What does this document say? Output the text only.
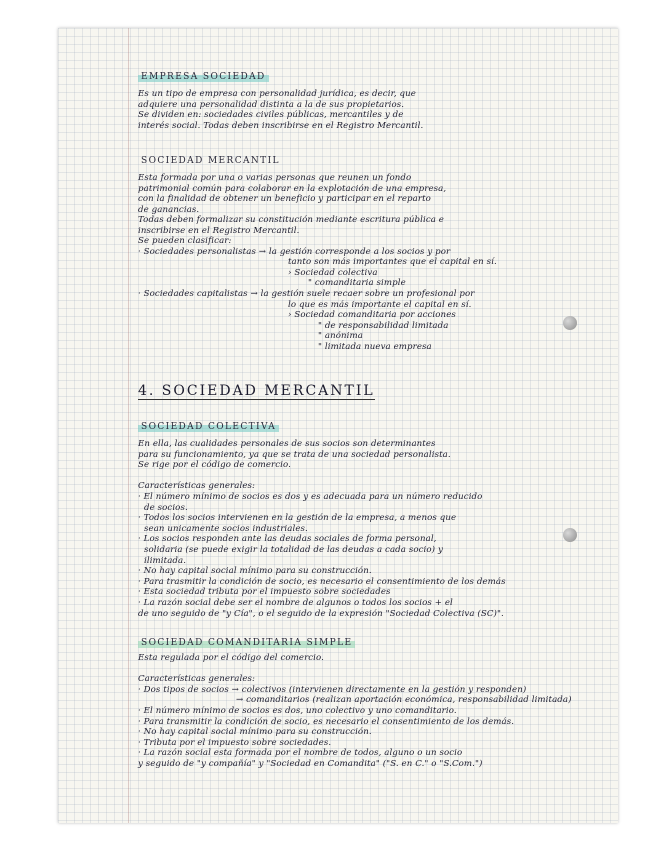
EMPRESA SOCIEDAD
Es un tipo de empresa con personalidad jurídica, es decir, que
adquiere una personalidad distinta a la de sus propietarios.
Se dividen en: sociedades civiles públicas, mercantiles y de
interés social. Todas deben inscribirse en el Registro Mercantil.
SOCIEDAD MERCANTIL
Esta formada por una o varias personas que reunen un fondo
patrimonial común para colaborar en la explotación de una empresa,
con la finalidad de obtener un beneficio y participar en el reparto
de ganancias.
Todas deben formalizar su constitución mediante escritura pública e
inscribirse en el Registro Mercantil.
Se pueden clasificar:
· Sociedades personalistas → la gestión corresponde a los socios y por
tanto son más importantes que el capital en sí.
› Sociedad colectiva
" comanditaria simple
· Sociedades capitalistas → la gestión suele recaer sobre un profesional por
lo que es más importante el capital en sí.
› Sociedad comanditaria por acciones
" de responsabilidad limitada
" anónima
" limitada nueva empresa
4. SOCIEDAD MERCANTIL
SOCIEDAD COLECTIVA
En ella, las cualidades personales de sus socios son determinantes
para su funcionamiento, ya que se trata de una sociedad personalista.
Se rige por el código de comercio.

Características generales:
· El número mínimo de socios es dos y es adecuada para un número reducido
de socios.
· Todos los socios intervienen en la gestión de la empresa, a menos que
sean unicamente socios industriales.
· Los socios responden ante las deudas sociales de forma personal,
solidaria (se puede exigir la totalidad de las deudas a cada socio) y
ilimitada.
· No hay capital social mínimo para su construcción.
· Para trasmitir la condición de socio, es necesario el consentimiento de los demás
· Esta sociedad tributa por el impuesto sobre sociedades
· La razón social debe ser el nombre de algunos o todos los socios + el
de uno seguido de "y Cía", o el seguido de la expresión "Sociedad Colectiva (SC)".
SOCIEDAD COMANDITARIA SIMPLE
Esta regulada por el código del comercio.

Características generales:
· Dos tipos de socios → colectivos (intervienen directamente en la gestión y responden)
→ comanditarios (realizan aportación económica, responsabilidad limitada)
· El número mínimo de socios es dos, uno colectivo y uno comanditario.
· Para transmitir la condición de socio, es necesario el consentimiento de los demás.
· No hay capital social mínimo para su construcción.
· Tributa por el impuesto sobre sociedades.
· La razón social esta formada por el nombre de todos, alguno o un socio
y seguido de "y compañía" y "Sociedad en Comandita" ("S. en C." o "S.Com.")
